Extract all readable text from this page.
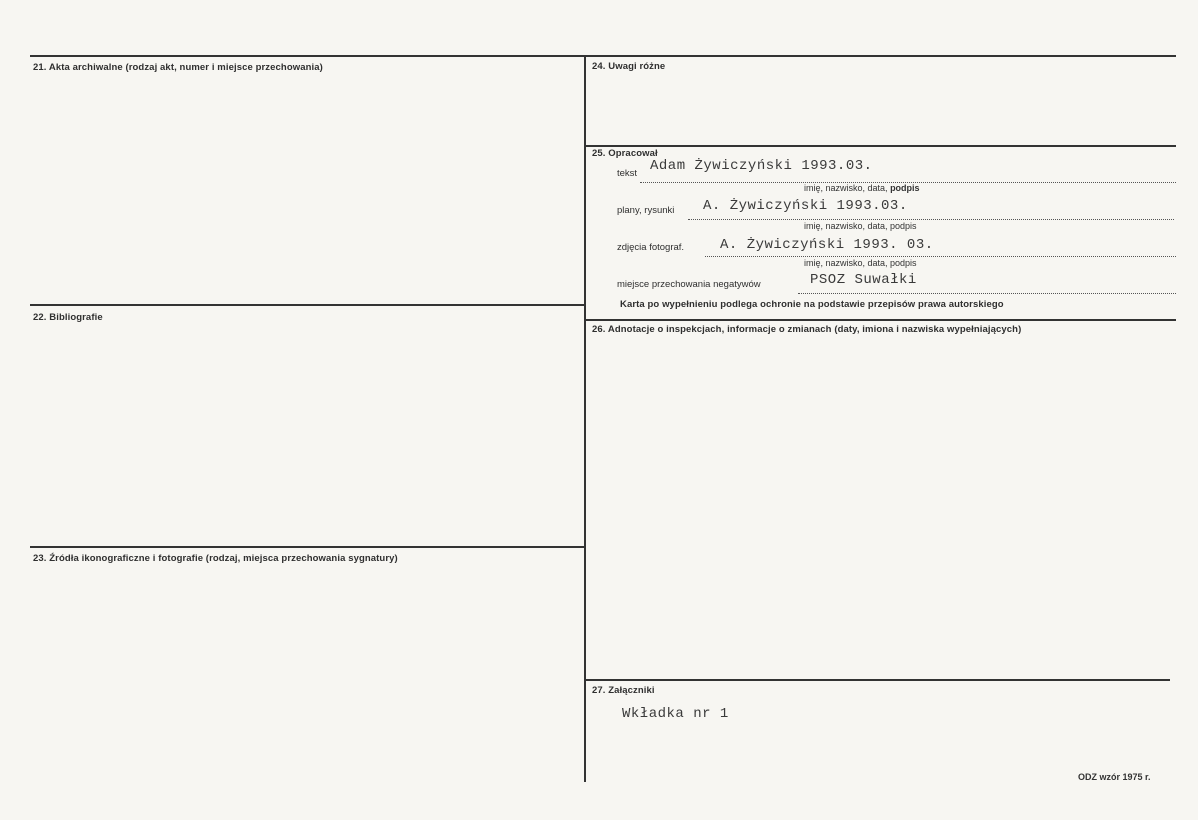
21. Akta archiwalne (rodzaj akt, numer i miejsce przechowania)
22. Bibliografie
23. Źródła ikonograficzne i fotografie (rodzaj, miejsca przechowania sygnatury)
24. Uwagi różne
25. Opracował
26. Adnotacje o inspekcjach, informacje o zmianach (daty, imiona i nazwiska wypełniających)
27. Załączniki
tekst Adam Żywiczyński 1993.03.
imię, nazwisko, data, podpis
plany, rysunki A. Żywiczyński 1993.03.
imię, nazwisko, data, podpis
zdjęcia fotograf.	A. Żywiczyński 1993. 03.
imię, nazwisko, data, podpis
miejsce przechowania negatywów	PSOZ Suwałki
Karta po wypełnieniu podlega ochronie na podstawie przepisów prawa autorskiego
Wkładka nr 1
ODZ wzór 1975 r.
